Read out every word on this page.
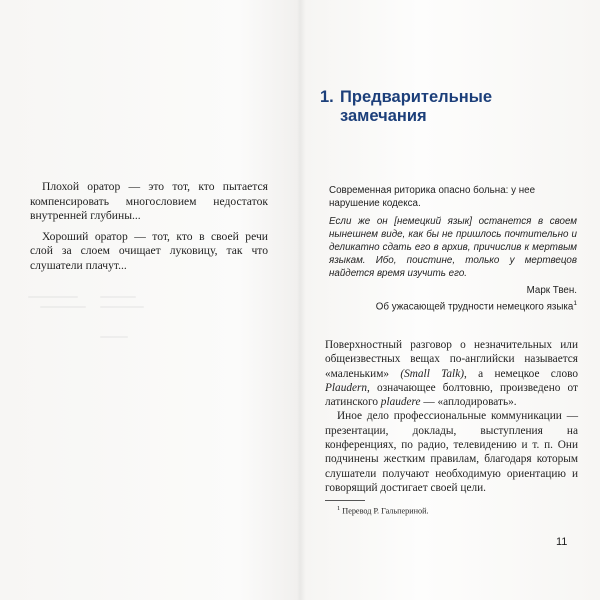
Плохой оратор — это тот, кто пытается компенсировать многословием недостаток внутренней глубины...

Хороший оратор — тот, кто в своей речи слой за слоем очищает луковицу, так что слушатели плачут...

1. Предварительные
замечания

Современная риторика опасно больна: у нее нарушение кодекса.

Если же он [немецкий язык] останется в своем нынешнем виде, как бы не пришлось почтительно и деликатно сдать его в архив, причислив к мертвым языкам. Ибо, поистине, только у мертвецов найдется время изучить его.

Марк Твен.

Об ужасающей трудности немецкого языка$^1$

Поверхностный разговор о незначительных или общеизвестных вещах по-английски называется «маленьким» (Small Talk), а немецкое слово Plaudern, означающее болтовню, произведено от латинского plaudere — «аплодировать».

Иное дело профессиональные коммуникации — презентации, доклады, выступления на конференциях, по радио, телевидению и т. п. Они подчинены жестким правилам, благодаря которым слушатели получают необходимую ориентацию и говорящий достигает своей цели.

$^1$ Перевод Р. Гальпериной.
11
